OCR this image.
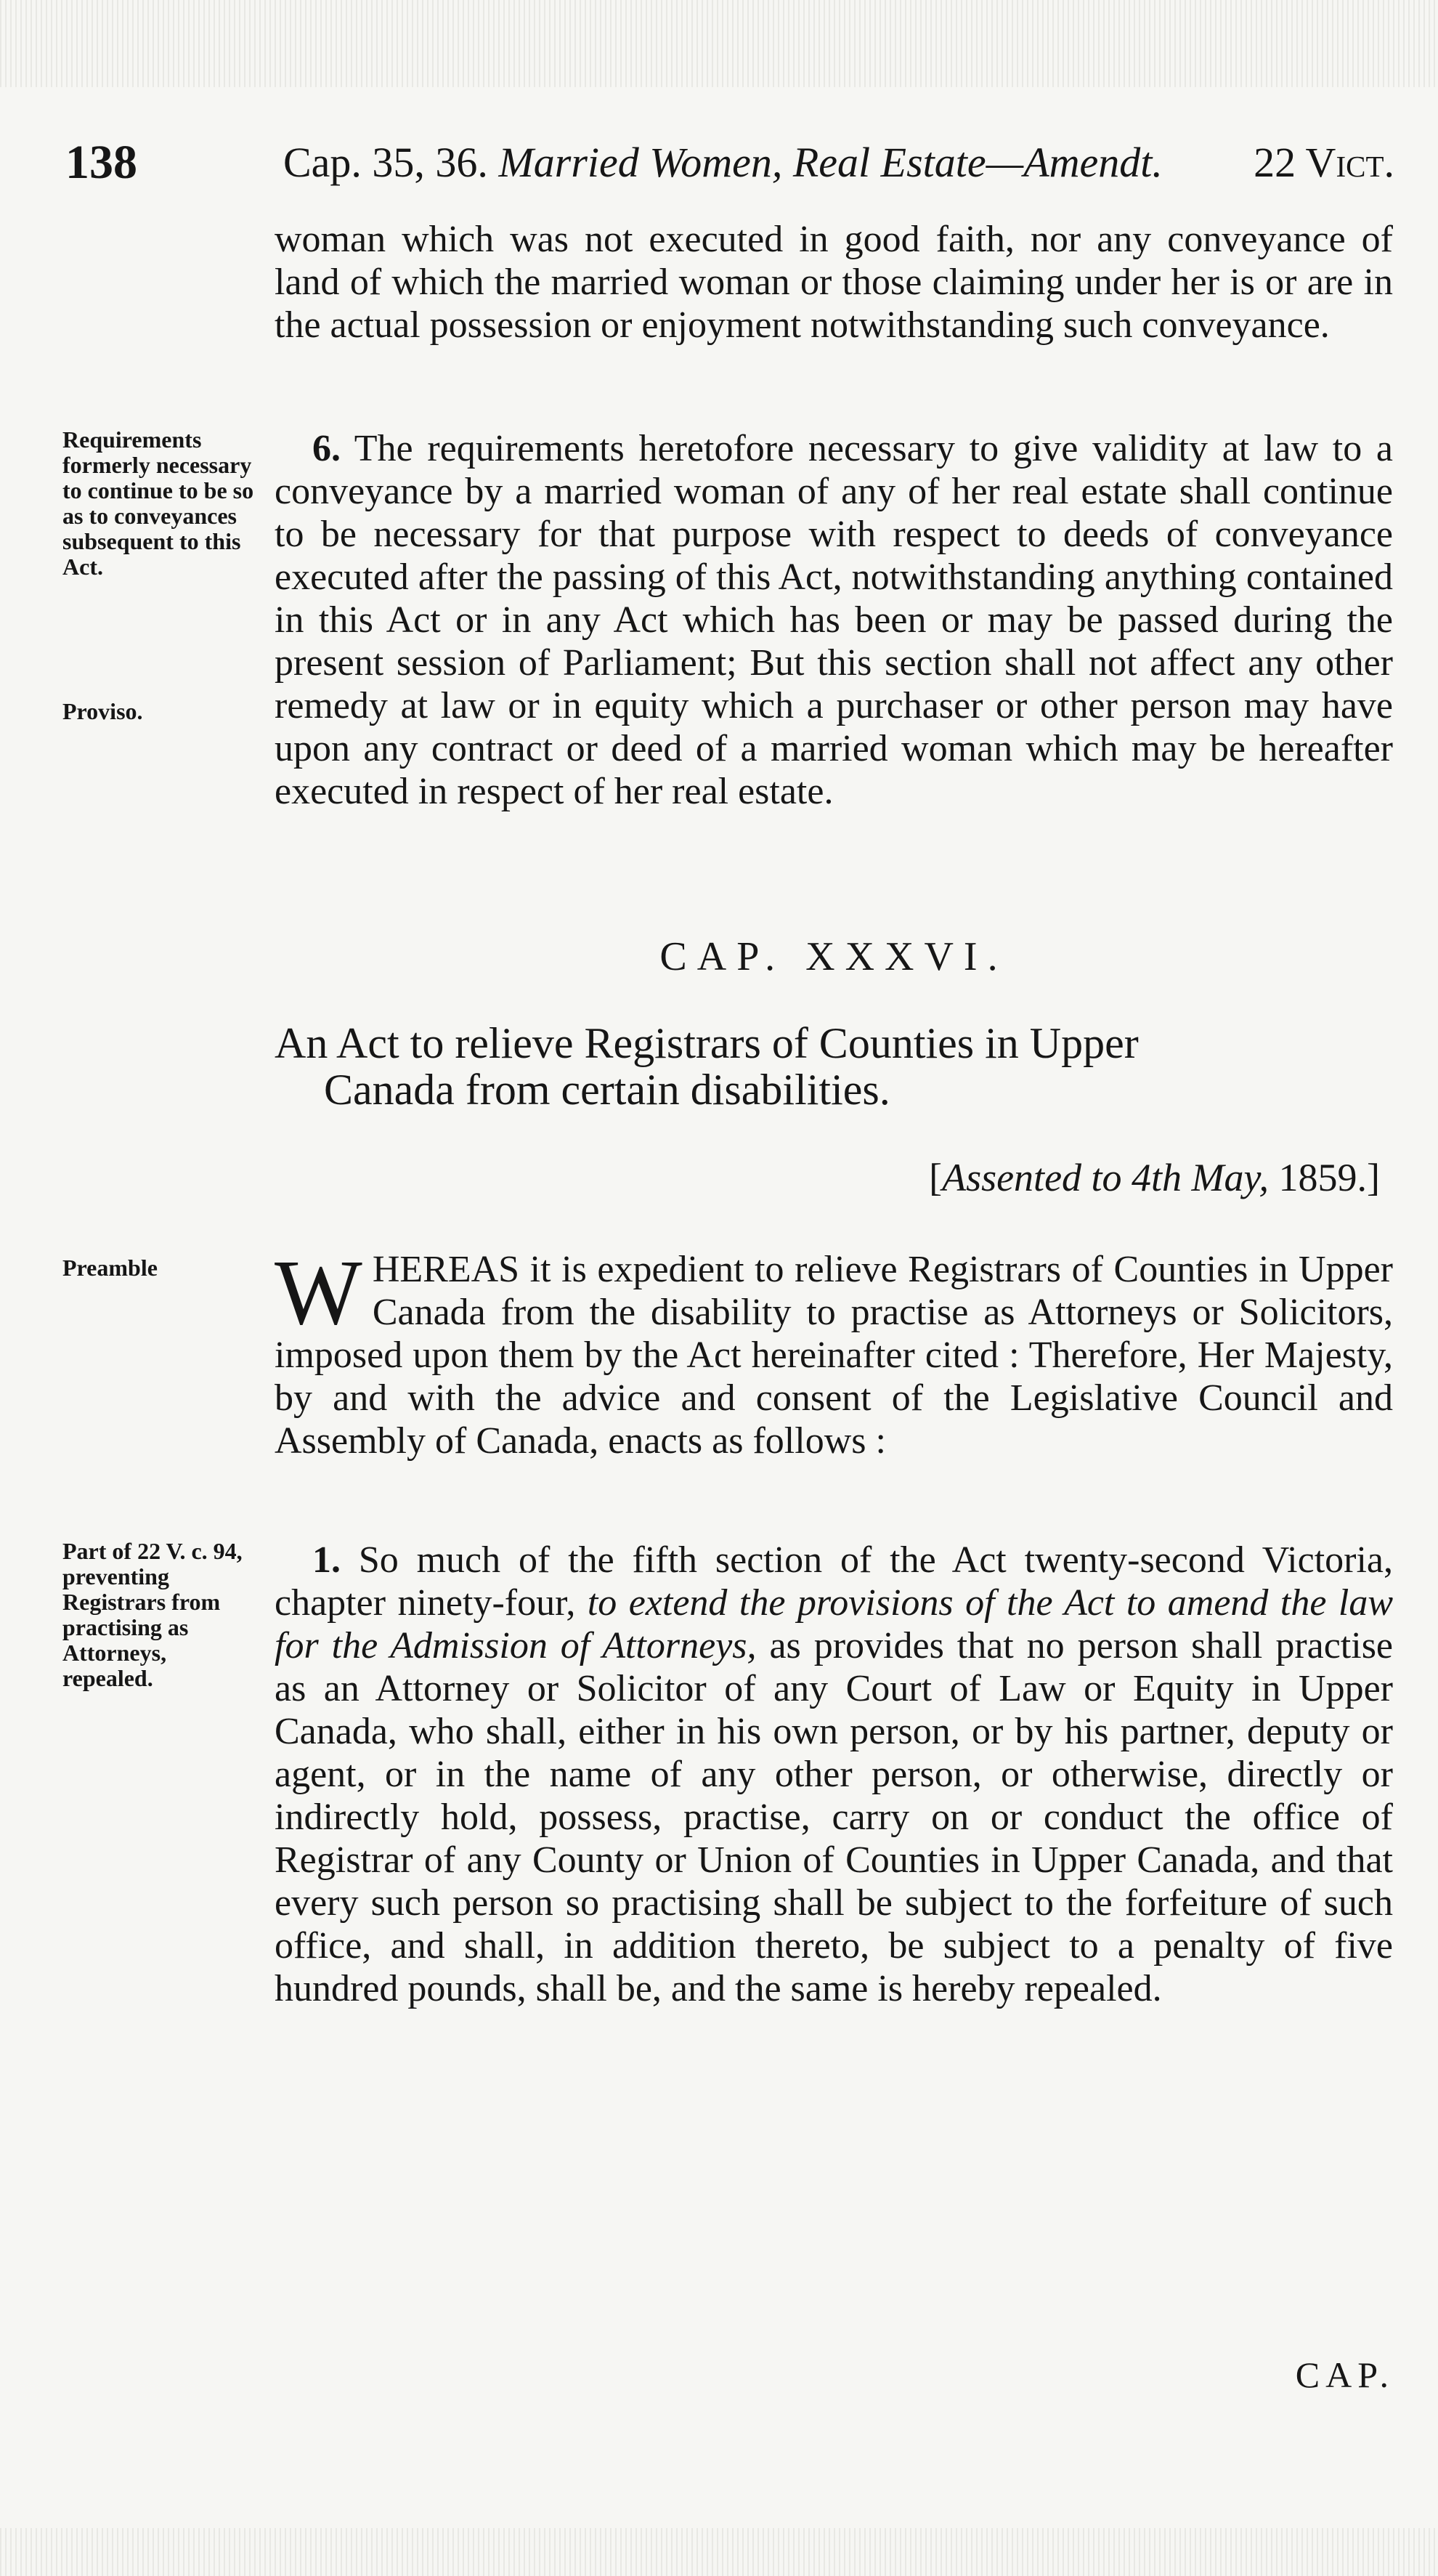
138	Cap. 35, 36. Married Women, Real Estate—Amendt. 22 Vict.

woman which was not executed in good faith, nor any conveyance of land of which the married woman or those claiming under her is or are in the actual possession or enjoyment notwithstanding such conveyance.

Requirements formerly necessary to continue to be so as to conveyances subsequent to this Act.
Proviso.

6. The requirements heretofore necessary to give validity at law to a conveyance by a married woman of any of her real estate shall continue to be necessary for that purpose with respect to deeds of conveyance executed after the passing of this Act, notwithstanding anything contained in this Act or in any Act which has been or may be passed during the present session of Parliament; But this section shall not affect any other remedy at law or in equity which a purchaser or other person may have upon any contract or deed of a married woman which may be hereafter executed in respect of her real estate.

CAP. XXXVI.
An Act to relieve Registrars of Counties in Upper
Canada from certain disabilities.
[Assented to 4th May, 1859.]
Preamble	WHEREAS it is expedient to relieve Registrars of Counties in Upper Canada from the disability to practise as Attorneys or Solicitors, imposed upon them by the Act hereinafter cited : Therefore, Her Majesty, by and with the advice and consent of the Legislative Council and Assembly of Canada, enacts as follows :

Part of 22 V. c. 94, preventing Registrars from practising as Attorneys, repealed.

1. So much of the fifth section of the Act twenty-second Victoria, chapter ninety-four, to extend the provisions of the Act to amend the law for the Admission of Attorneys, as provides that no person shall practise as an Attorney or Solicitor of any Court of Law or Equity in Upper Canada, who shall, either in his own person, or by his partner, deputy or agent, or in the name of any other person, or otherwise, directly or indirectly hold, possess, practise, carry on or conduct the office of Registrar of any County or Union of Counties in Upper Canada, and that every such person so practising shall be subject to the forfeiture of such office, and shall, in addition thereto, be subject to a penalty of five hundred pounds, shall be, and the same is hereby repealed.

CAP.
